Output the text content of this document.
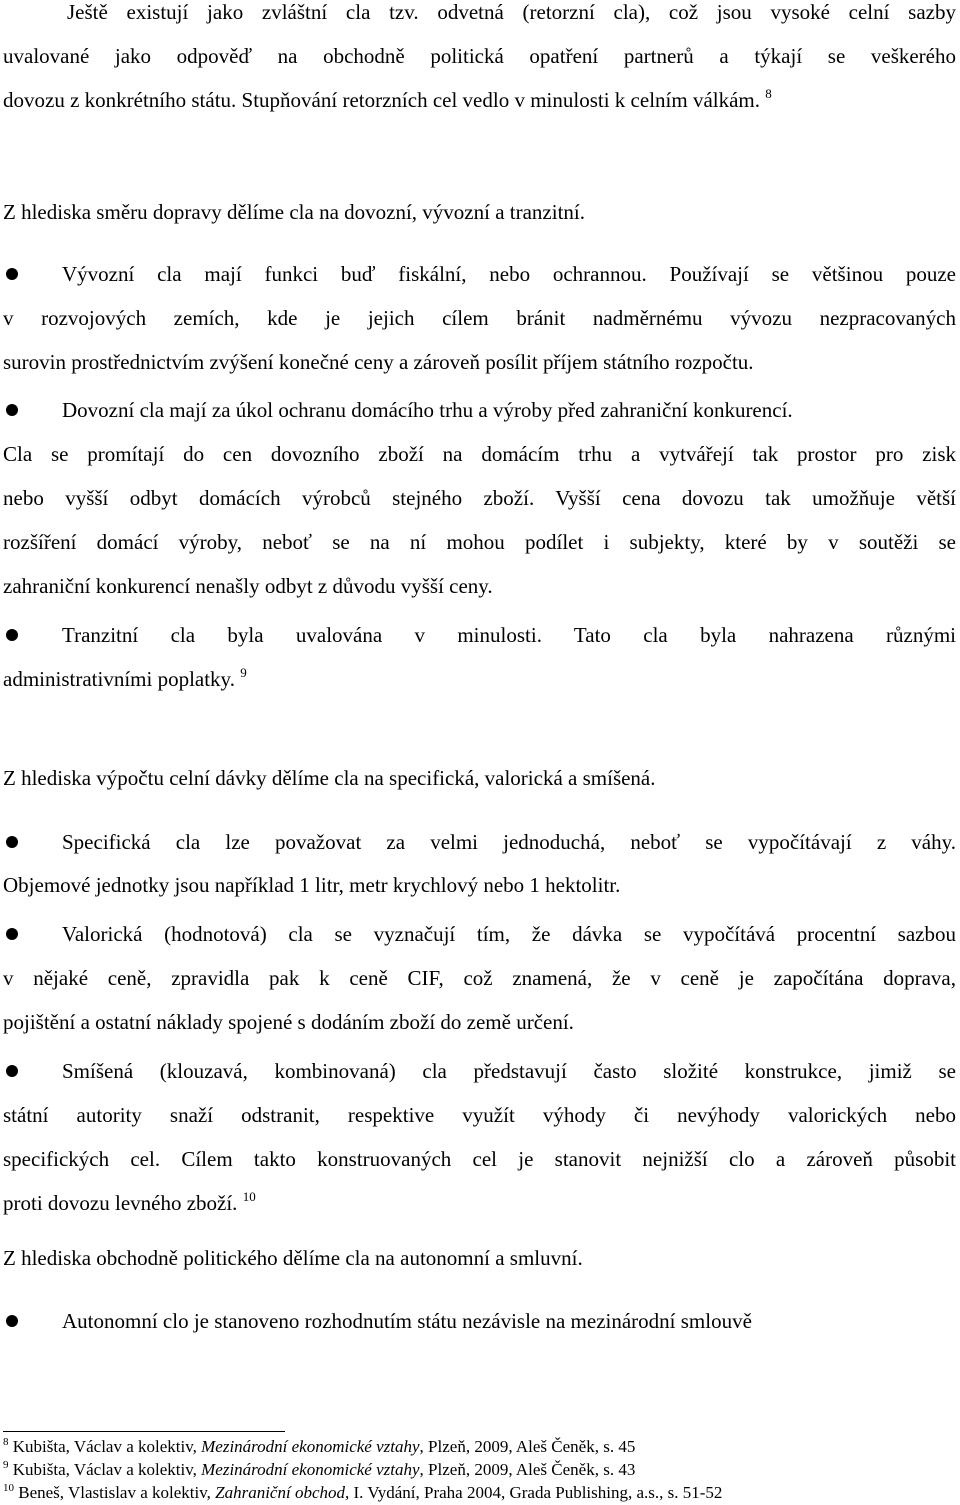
Ještě existují jako zvláštní cla tzv. odvetná (retorzní cla), což jsou vysoké celní sazby
uvalované jako odpověď na obchodně politická opatření partnerů a týkají se veškerého
dovozu z konkrétního státu. Stupňování retorzních cel vedlo v minulosti k celním válkám. $^8$
Z hlediska směru dopravy dělíme cla na dovozní, vývozní a tranzitní.
Vývozní cla mají funkci buď fiskální, nebo ochrannou. Používají se většinou pouze
v rozvojových zemích, kde je jejich cílem bránit nadměrnému vývozu nezpracovaných
surovin prostřednictvím zvýšení konečné ceny a zároveň posílit příjem státního rozpočtu.
Dovozní cla mají za úkol ochranu domácího trhu a výroby před zahraniční konkurencí.
Cla se promítají do cen dovozního zboží na domácím trhu a vytvářejí tak prostor pro zisk
nebo vyšší odbyt domácích výrobců stejného zboží. Vyšší cena dovozu tak umožňuje větší
rozšíření domácí výroby, neboť se na ní mohou podílet i subjekty, které by v soutěži se
zahraniční konkurencí nenašly odbyt z důvodu vyšší ceny.
Tranzitní cla byla uvalována v minulosti. Tato cla byla nahrazena různými
administrativními poplatky. $^9$
Z hlediska výpočtu celní dávky dělíme cla na specifická, valorická a smíšená.
Specifická cla lze považovat za velmi jednoduchá, neboť se vypočítávají z váhy.
Objemové jednotky jsou například 1 litr, metr krychlový nebo 1 hektolitr.
Valorická (hodnotová) cla se vyznačují tím, že dávka se vypočítává procentní sazbou
v nějaké ceně, zpravidla pak k ceně CIF, což znamená, že v ceně je započítána doprava,
pojištění a ostatní náklady spojené s dodáním zboží do země určení.
Smíšená (klouzavá, kombinovaná) cla představují často složité konstrukce, jimiž se
státní autority snaží odstranit, respektive využít výhody či nevýhody valorických nebo
specifických cel. Cílem takto konstruovaných cel je stanovit nejnižší clo a zároveň působit
proti dovozu levného zboží. $^{10}$
Z hlediska obchodně politického dělíme cla na autonomní a smluvní.
Autonomní clo je stanoveno rozhodnutím státu nezávisle na mezinárodní smlouvě
$^8$ Kubišta, Václav a kolektiv, Mezinárodní ekonomické vztahy, Plzeň, 2009, Aleš Čeněk, s. 45
$^9$ Kubišta, Václav a kolektiv, Mezinárodní ekonomické vztahy, Plzeň, 2009, Aleš Čeněk, s. 43
$^{10}$ Beneš, Vlastislav a kolektiv, Zahraniční obchod, I. Vydání, Praha 2004, Grada Publishing, a.s., s. 51-52
